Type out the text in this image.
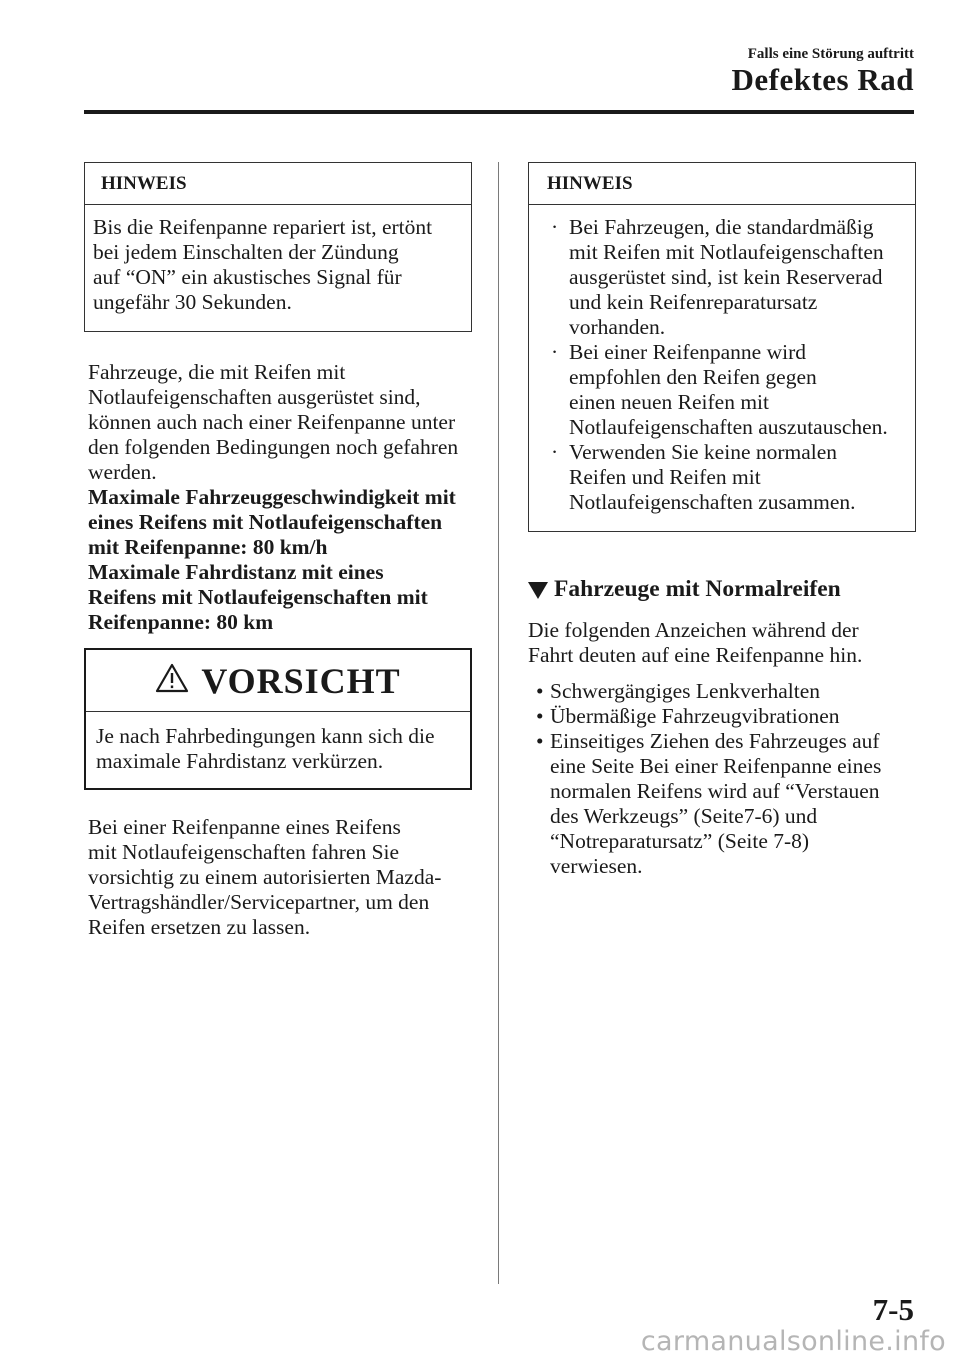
Falls eine Störung auftritt
Defektes Rad
HINWEIS
Bis die Reifenpanne repariert ist, ertönt
bei jedem Einschalten der Zündung
auf “ON” ein akustisches Signal für
ungefähr 30 Sekunden.
Fahrzeuge, die mit Reifen mit
Notlaufeigenschaften ausgerüstet sind,
können auch nach einer Reifenpanne unter
den folgenden Bedingungen noch gefahren
werden.
Maximale Fahrzeuggeschwindigkeit mit
eines Reifens mit Notlaufeigenschaften
mit Reifenpanne: 80 km/h
Maximale Fahrdistanz mit eines
Reifens mit Notlaufeigenschaften mit
Reifenpanne: 80 km
VORSICHT
Je nach Fahrbedingungen kann sich die
maximale Fahrdistanz verkürzen.
Bei einer Reifenpanne eines Reifens
mit Notlaufeigenschaften fahren Sie
vorsichtig zu einem autorisierten Mazda-
Vertragshändler/Servicepartner, um den
Reifen ersetzen zu lassen.
HINWEIS
· Bei Fahrzeugen, die standardmäßig
mit Reifen mit Notlaufeigenschaften
ausgerüstet sind, ist kein Reserverad
und kein Reifenreparatursatz
vorhanden.
· Bei einer Reifenpanne wird
empfohlen den Reifen gegen
einen neuen Reifen mit
Notlaufeigenschaften auszutauschen.
· Verwenden Sie keine normalen
Reifen und Reifen mit
Notlaufeigenschaften zusammen.
Fahrzeuge mit Normalreifen
Die folgenden Anzeichen während der
Fahrt deuten auf eine Reifenpanne hin.
• Schwergängiges Lenkverhalten
• Übermäßige Fahrzeugvibrationen
• Einseitiges Ziehen des Fahrzeuges auf
eine Seite Bei einer Reifenpanne eines
normalen Reifens wird auf “Verstauen
des Werkzeugs” (Seite7-6) und
“Notreparatursatz” (Seite 7-8)
verwiesen.
7-5
carmanualsonline.info
